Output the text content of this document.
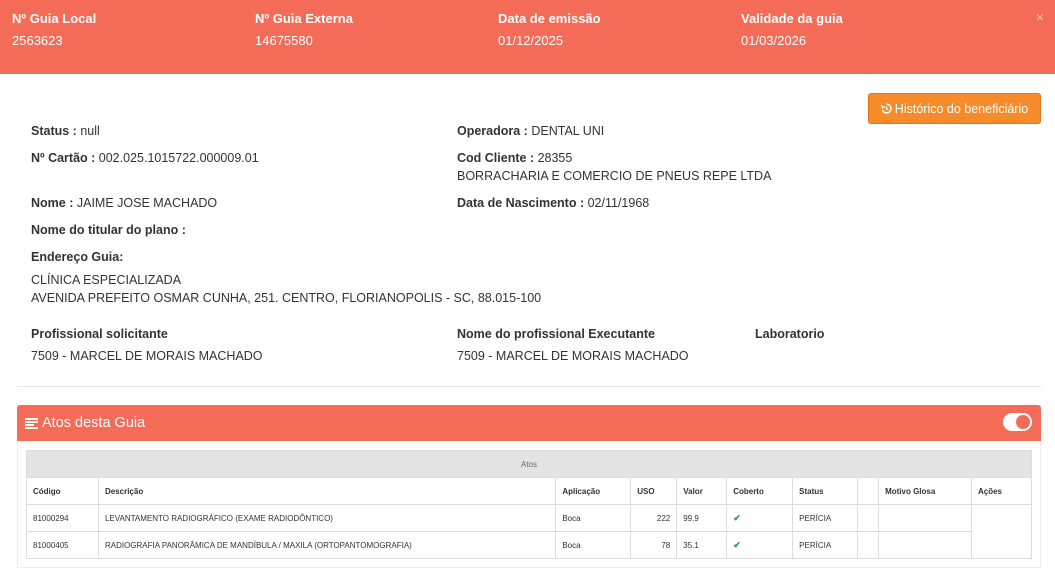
Nº Guia Local
2563623
Nº Guia Externa
14675580
Data de emissão
01/12/2025
Validade da guia
01/03/2026
×
Histórico do beneficiário
Status : null	Operadora : DENTAL UNI
Nº Cartão : 002.025.1015722.000009.01	Cod Cliente : 28355
BORRACHARIA E COMERCIO DE PNEUS REPE LTDA
Nome : JAIME JOSE MACHADO	Data de Nascimento : 02/11/1968
Nome do titular do plano :
Endereço Guia:
CLÍNICA ESPECIALIZADA
AVENIDA PREFEITO OSMAR CUNHA, 251. CENTRO, FLORIANOPOLIS - SC, 88.015-100
Profissional solicitante
7509 - MARCEL DE MORAIS MACHADO
Nome do profissional Executante
7509 - MARCEL DE MORAIS MACHADO
Laboratorio
Atos desta Guia
Atos									
Código	Descrição	Aplicação	USO	Valor	Coberto	Status		Motivo Glosa	Ações
81000294	LEVANTAMENTO RADIOGRÁFICO (EXAME RADIODÔNTICO)	Boca	222	99.9	✔	PERÍCIA			
81000405	RADIOGRAFIA PANORÂMICA DE MANDÍBULA / MAXILA (ORTOPANTOMOGRAFIA)	Boca	78	35.1	✔	PERÍCIA			
